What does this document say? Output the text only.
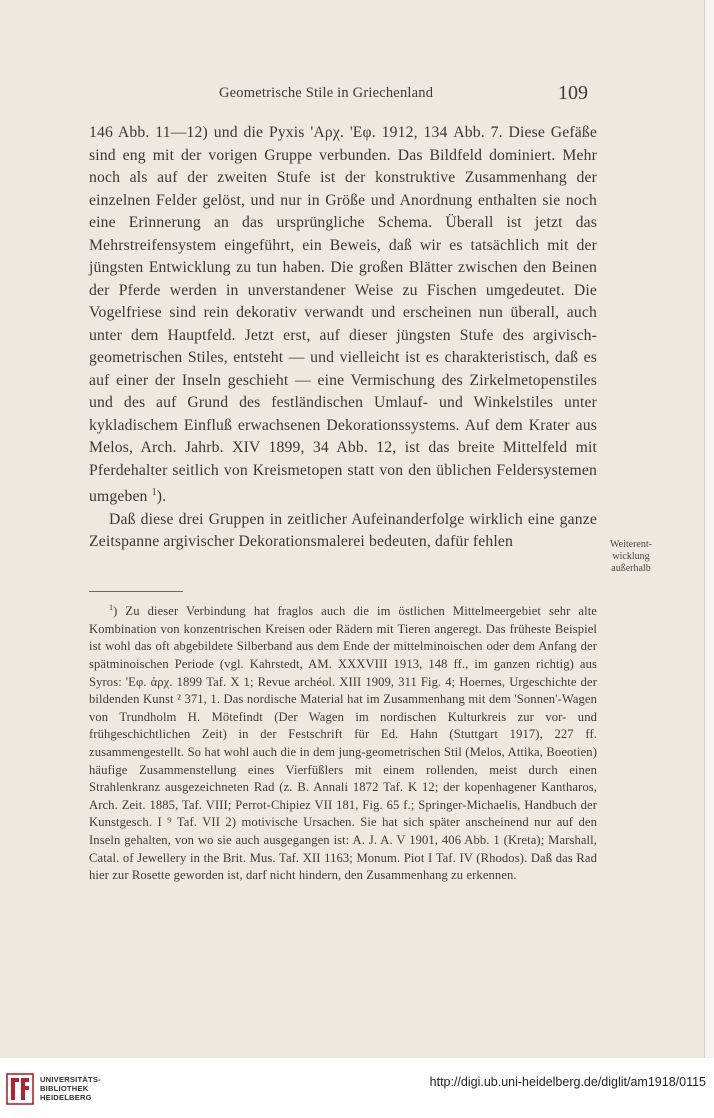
Geometrische Stile in Griechenland	109

146 Abb. 11—12) und die Pyxis 'Αρχ. 'Εφ. 1912, 134 Abb. 7. Diese Gefäße sind eng mit der vorigen Gruppe verbunden. Das Bildfeld dominiert. Mehr noch als auf der zweiten Stufe ist der konstruktive Zusammenhang der einzelnen Felder gelöst, und nur in Größe und Anordnung enthalten sie noch eine Erinnerung an das ursprüngliche Schema. Überall ist jetzt das Mehrstreifensystem eingeführt, ein Beweis, daß wir es tatsächlich mit der jüngsten Entwicklung zu tun haben. Die großen Blätter zwischen den Beinen der Pferde werden in unverstandener Weise zu Fischen umgedeutet. Die Vogelfriese sind rein dekorativ verwandt und erscheinen nun überall, auch unter dem Hauptfeld. Jetzt erst, auf dieser jüngsten Stufe des argivisch-geometrischen Stiles, entsteht — und vielleicht ist es charakteristisch, daß es auf einer der Inseln geschieht — eine Vermischung des Zirkelmetopenstiles und des auf Grund des festländischen Umlauf- und Winkelstiles unter kykladischem Einfluß erwachsenen Dekorationssystems. Auf dem Krater aus Melos, Arch. Jahrb. XIV 1899, 34 Abb. 12, ist das breite Mittelfeld mit Pferdehalter seitlich von Kreismetopen statt von den üblichen Feldersystemen umgeben $^1$).

Daß diese drei Gruppen in zeitlicher Aufeinanderfolge wirklich eine ganze Zeitspanne argivischer Dekorationsmalerei bedeuten, dafür fehlen	Weiterent-
wicklung
außerhalb

$^1$) Zu dieser Verbindung hat fraglos auch die im östlichen Mittelmeergebiet sehr alte Kombination von konzentrischen Kreisen oder Rädern mit Tieren angeregt. Das früheste Beispiel ist wohl das oft abgebildete Silberband aus dem Ende der mittelminoischen oder dem Anfang der spätminoischen Periode (vgl. Kahrstedt, AM. XXXVIII 1913, 148 ff., im ganzen richtig) aus Syros: 'Εφ. ἀρχ. 1899 Taf. X 1; Revue archéol. XIII 1909, 311 Fig. 4; Hoernes, Urgeschichte der bildenden Kunst ² 371, 1. Das nordische Material hat im Zusammenhang mit dem 'Sonnen'-Wagen von Trundholm H. Mötefindt (Der Wagen im nordischen Kulturkreis zur vor- und frühgeschichtlichen Zeit) in der Festschrift für Ed. Hahn (Stuttgart 1917), 227 ff. zusammengestellt. So hat wohl auch die in dem jung-geometrischen Stil (Melos, Attika, Boeotien) häufige Zusammenstellung eines Vierfüßlers mit einem rollenden, meist durch einen Strahlenkranz ausgezeichneten Rad (z. B. Annali 1872 Taf. K 12; der kopenhagener Kantharos, Arch. Zeit. 1885, Taf. VIII; Perrot-Chipiez VII 181, Fig. 65 f.; Springer-Michaelis, Handbuch der Kunstgesch. I ⁹ Taf. VII 2) motivische Ursachen. Sie hat sich später anscheinend nur auf den Inseln gehalten, von wo sie auch ausgegangen ist: A. J. A. V 1901, 406 Abb. 1 (Kreta); Marshall, Catal. of Jewellery in the Brit. Mus. Taf. XII 1163; Monum. Piot I Taf. IV (Rhodos). Daß das Rad hier zur Rosette geworden ist, darf nicht hindern, den Zusammenhang zu erkennen.

UNIVERSITÄTS-
BIBLIOTHEK
HEIDELBERG
http://digi.ub.uni-heidelberg.de/diglit/am1918/0115
